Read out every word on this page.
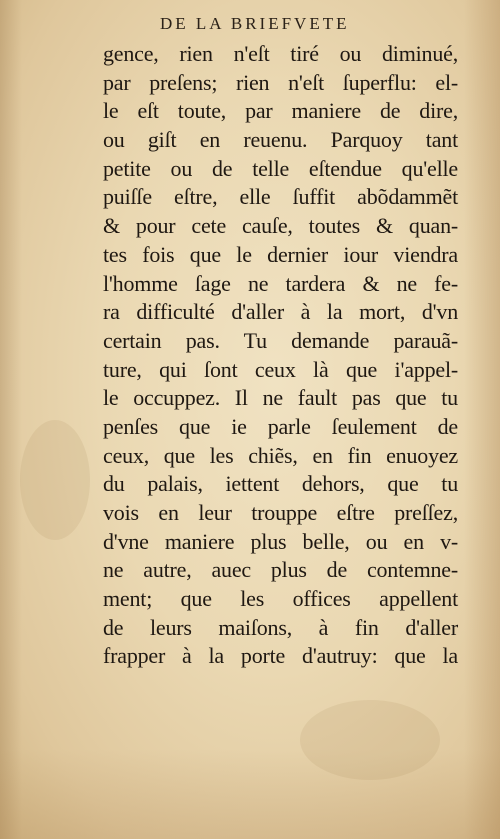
DE LA BRIEFVETE
gence, rien n'eſt tiré ou diminué,
par preſens; rien n'eſt ſuperflu: el-
le eſt toute, par maniere de dire,
ou giſt en reuenu. Parquoy tant
petite ou de telle eſtendue qu'elle
puiſſe eſtre, elle ſuffit abõdammẽt
& pour cete cauſe, toutes & quan-
tes fois que le dernier iour viendra
l'homme ſage ne tardera & ne fe-
ra difficulté d'aller à la mort, d'vn
certain pas. Tu demande parauã-
ture, qui ſont ceux là que i'appel-
le occuppez. Il ne fault pas que tu
penſes que ie parle ſeulement de
ceux, que les chiẽs, en fin enuoyez
du palais, iettent dehors, que tu
vois en leur trouppe eſtre preſſez,
d'vne maniere plus belle, ou en v-
ne autre, auec plus de contemne-
ment; que les offices appellent
de leurs maiſons, à fin d'aller
frapper à la porte d'autruy: que la
